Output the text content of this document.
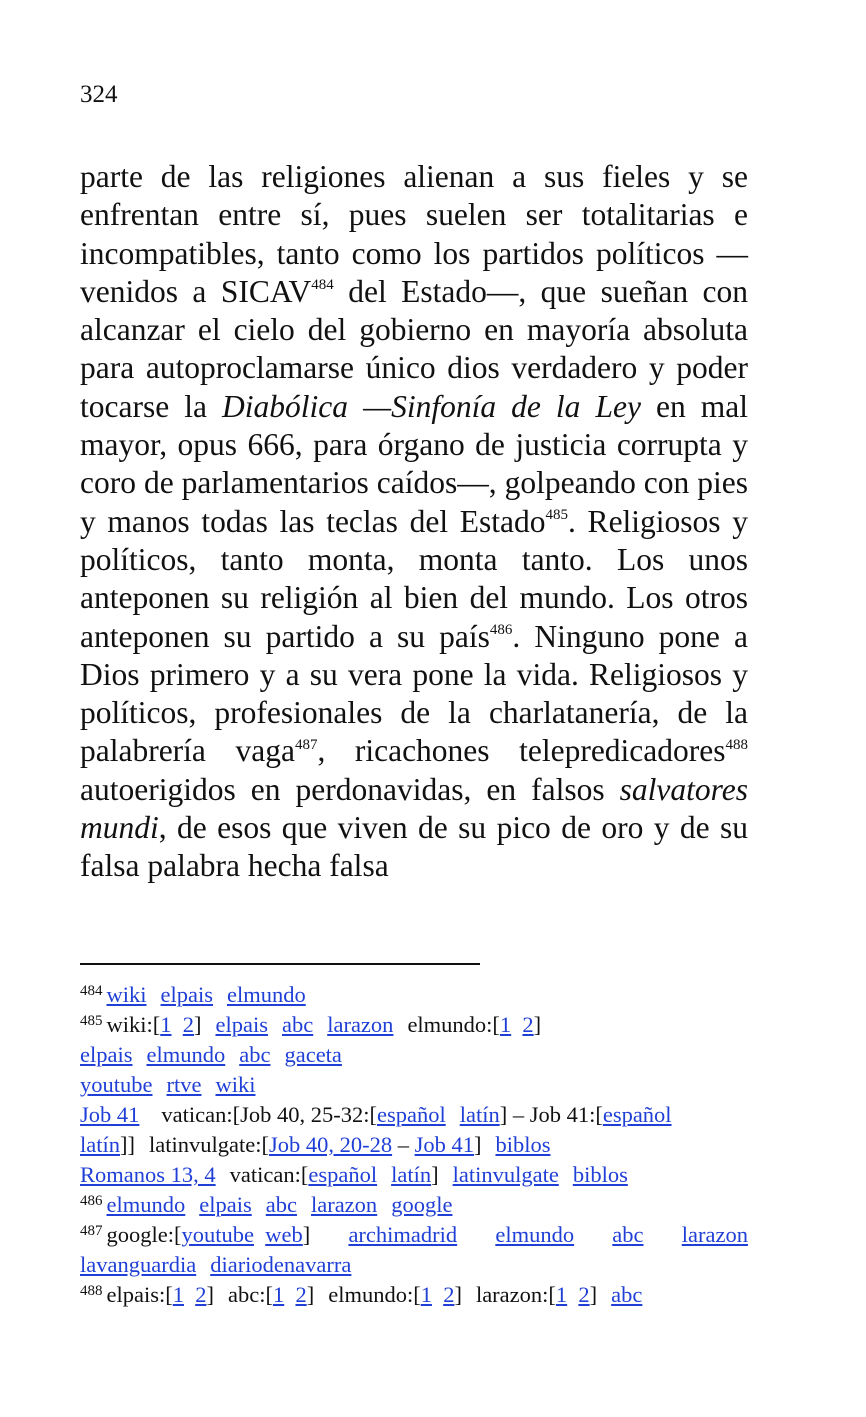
324

parte de las religiones alienan a sus fieles y se enfrentan entre sí, pues suelen ser totalitarias e incompatibles, tanto como los partidos políticos —venidos a SICAV$^{484}$ del Estado—, que sueñan con alcanzar el cielo del gobierno en mayoría absoluta para autoproclamarse único dios verdadero y poder tocarse la Diabólica —Sinfonía de la Ley en mal mayor, opus 666, para órgano de justicia corrupta y coro de parlamentarios caídos—, golpeando con pies y manos todas las teclas del Estado$^{485}$. Religiosos y políticos, tanto monta, monta tanto. Los unos anteponen su religión al bien del mundo. Los otros anteponen su partido a su país$^{486}$. Ninguno pone a Dios primero y a su vera pone la vida. Religiosos y políticos, profesionales de la charlatanería, de la palabrería vaga$^{487}$, ricachones telepredicadores$^{488}$ autoerigidos en perdonavidas, en falsos salvatores mundi, de esos que viven de su pico de oro y de su falsa palabra hecha falsa

$^{484}$ wiki elpais elmundo
$^{485}$ wiki:[1 2] elpais abc larazon elmundo:[1 2]
elpais elmundo abc gaceta
youtube rtve wiki
Job 41 vatican:[Job 40, 25-32:[español latín] – Job 41:[español
latín]] latinvulgate:[Job 40, 20-28 – Job 41] biblos
Romanos 13, 4 vatican:[español latín] latinvulgate biblos
$^{486}$ elmundo elpais abc larazon google
$^{487}$ google:[youtube web] archimadrid elmundo abc larazon
lavanguardia diariodenavarra
$^{488}$ elpais:[1 2] abc:[1 2] elmundo:[1 2] larazon:[1 2] abc
